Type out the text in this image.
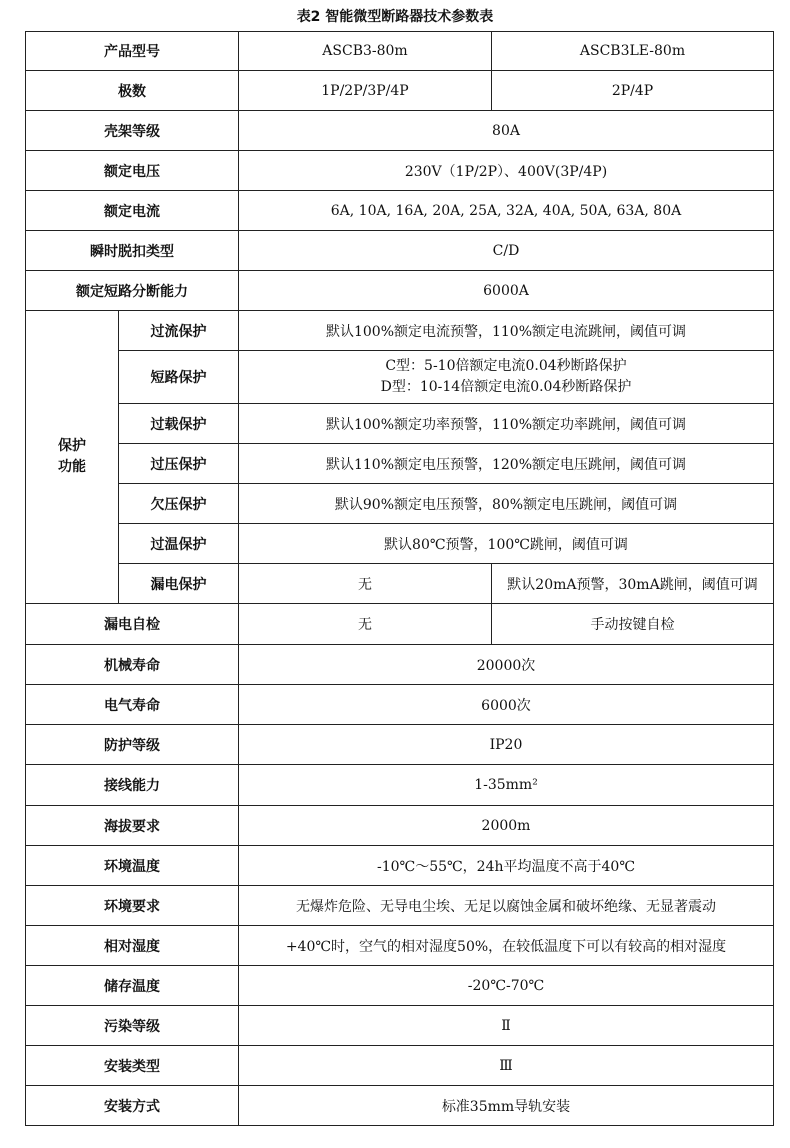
表2 智能微型断路器技术参数表
产品型号		ASCB3-80m	ASCB3LE-80m
极数		1P/2P/3P/4P	2P/4P
壳架等级		80A	
额定电压		230V（1P/2P）、400V(3P/4P)	
额定电流		6A, 10A, 16A, 20A, 25A, 32A, 40A, 50A, 63A, 80A	
瞬时脱扣类型		C/D	
额定短路分断能力		6000A	

保护
功能	过流保护	默认100%额定电流预警，110%额定电流跳闸，阈值可调	
	短路保护	C型：5-10倍额定电流0.04秒断路保护
D型：10-14倍额定电流0.04秒断路保护	

	过载保护	默认100%额定功率预警，110%额定功率跳闸，阈值可调	
	过压保护	默认110%额定电压预警，120%额定电压跳闸，阈值可调	
	欠压保护	默认90%额定电压预警，80%额定电压跳闸，阈值可调	
	过温保护	默认80℃预警，100℃跳闸，阈值可调	
	漏电保护	无	默认20mA预警，30mA跳闸，阈值可调
漏电自检		无	手动按键自检
机械寿命		20000次	
电气寿命		6000次	
防护等级		IP20	
接线能力		1-35mm²	
海拔要求		2000m	
环境温度		-10℃～55℃，24h平均温度不高于40℃	
环境要求		无爆炸危险、无导电尘埃、无足以腐蚀金属和破坏绝缘、无显著震动	
相对湿度		+40℃时，空气的相对湿度50%，在较低温度下可以有较高的相对湿度	
储存温度		-20℃-70℃	
污染等级		Ⅱ	
安装类型		Ⅲ	
安装方式		标准35mm导轨安装	
